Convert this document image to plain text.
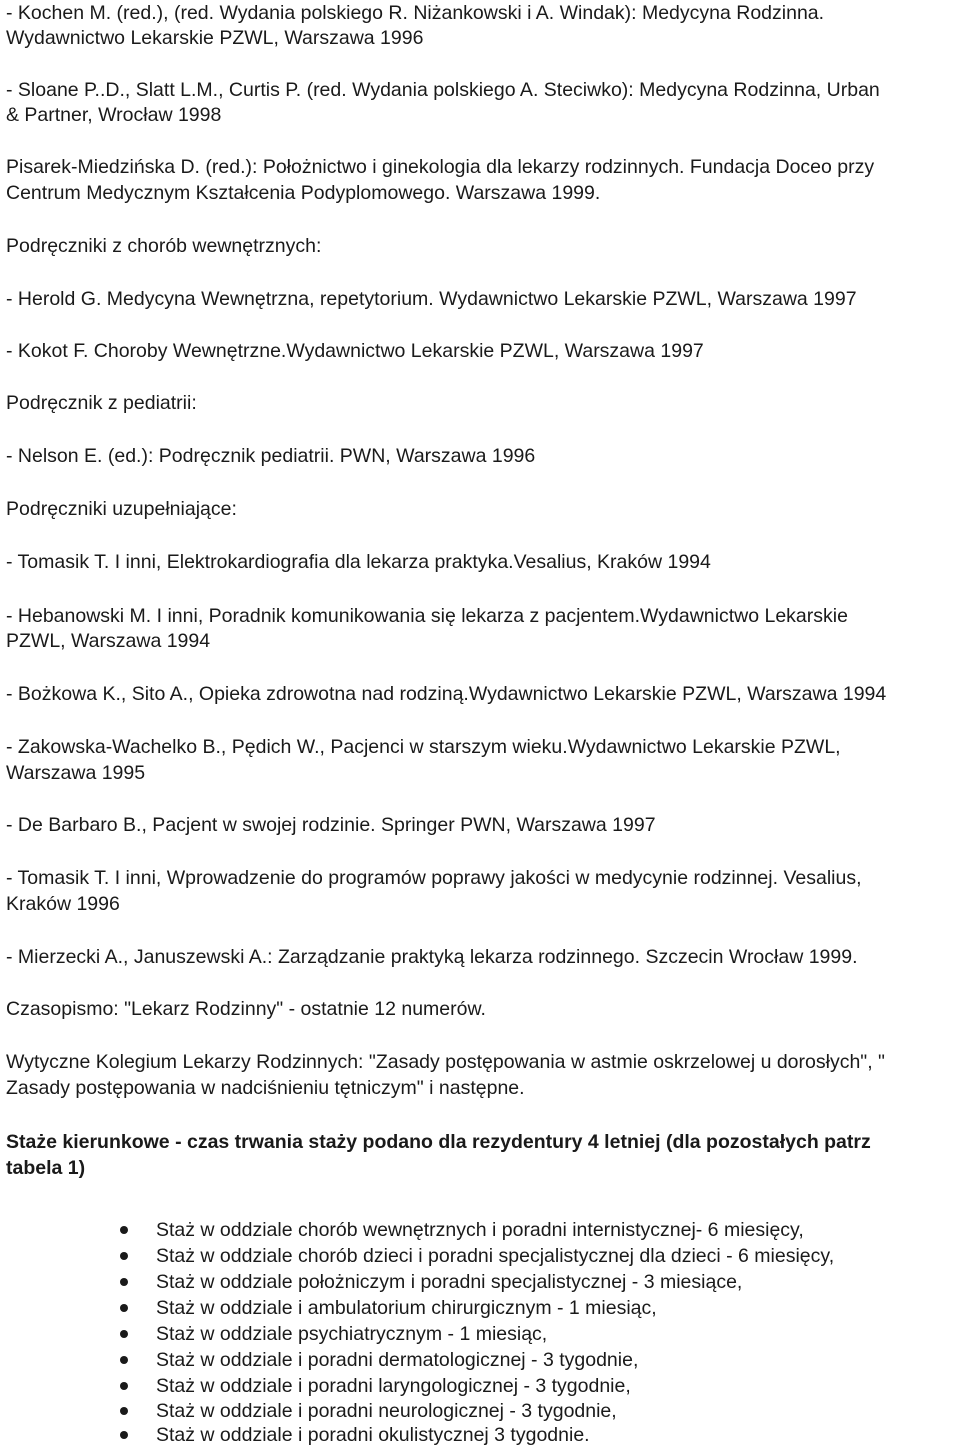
- Kochen M. (red.), (red. Wydania polskiego R. Niżankowski i A. Windak): Medycyna Rodzinna.

Wydawnictwo Lekarskie PZWL, Warszawa 1996

- Sloane P..D., Slatt L.M., Curtis P. (red. Wydania polskiego A. Steciwko): Medycyna Rodzinna, Urban

& Partner, Wrocław 1998

Pisarek-Miedzińska D. (red.): Położnictwo i ginekologia dla lekarzy rodzinnych. Fundacja Doceo przy

Centrum Medycznym Kształcenia Podyplomowego. Warszawa 1999.

Podręczniki z chorób wewnętrznych:

- Herold G. Medycyna Wewnętrzna, repetytorium. Wydawnictwo Lekarskie PZWL, Warszawa 1997

- Kokot F. Choroby Wewnętrzne.Wydawnictwo Lekarskie PZWL, Warszawa 1997

Podręcznik z pediatrii:

- Nelson E. (ed.): Podręcznik pediatrii. PWN, Warszawa 1996

Podręczniki uzupełniające:

- Tomasik T. I inni, Elektrokardiografia dla lekarza praktyka.Vesalius, Kraków 1994

- Hebanowski M. I inni, Poradnik komunikowania się lekarza z pacjentem.Wydawnictwo Lekarskie

PZWL, Warszawa 1994

- Bożkowa K., Sito A., Opieka zdrowotna nad rodziną.Wydawnictwo Lekarskie PZWL, Warszawa 1994

- Zakowska-Wachelko B., Pędich W., Pacjenci w starszym wieku.Wydawnictwo Lekarskie PZWL,

Warszawa 1995

- De Barbaro B., Pacjent w swojej rodzinie. Springer PWN, Warszawa 1997

- Tomasik T. I inni, Wprowadzenie do programów poprawy jakości w medycynie rodzinnej. Vesalius,

Kraków 1996

- Mierzecki A., Januszewski A.: Zarządzanie praktyką lekarza rodzinnego. Szczecin Wrocław 1999.

Czasopismo: "Lekarz Rodzinny" - ostatnie 12 numerów.

Wytyczne Kolegium Lekarzy Rodzinnych: "Zasady postępowania w astmie oskrzelowej u dorosłych", "

Zasady postępowania w nadciśnieniu tętniczym" i następne.

Staże kierunkowe - czas trwania staży podano dla rezydentury 4 letniej (dla pozostałych patrz

tabela 1)

Staż w oddziale chorób wewnętrznych i poradni internistycznej- 6 miesięcy,
Staż w oddziale chorób dzieci i poradni specjalistycznej dla dzieci - 6 miesięcy,
Staż w oddziale położniczym i poradni specjalistycznej - 3 miesiące,
Staż w oddziale i ambulatorium chirurgicznym - 1 miesiąc,
Staż w oddziale psychiatrycznym - 1 miesiąc,
Staż w oddziale i poradni dermatologicznej - 3 tygodnie,
Staż w oddziale i poradni laryngologicznej - 3 tygodnie,
Staż w oddziale i poradni neurologicznej - 3 tygodnie,
Staż w oddziale i poradni okulistycznej 3 tygodnie.
